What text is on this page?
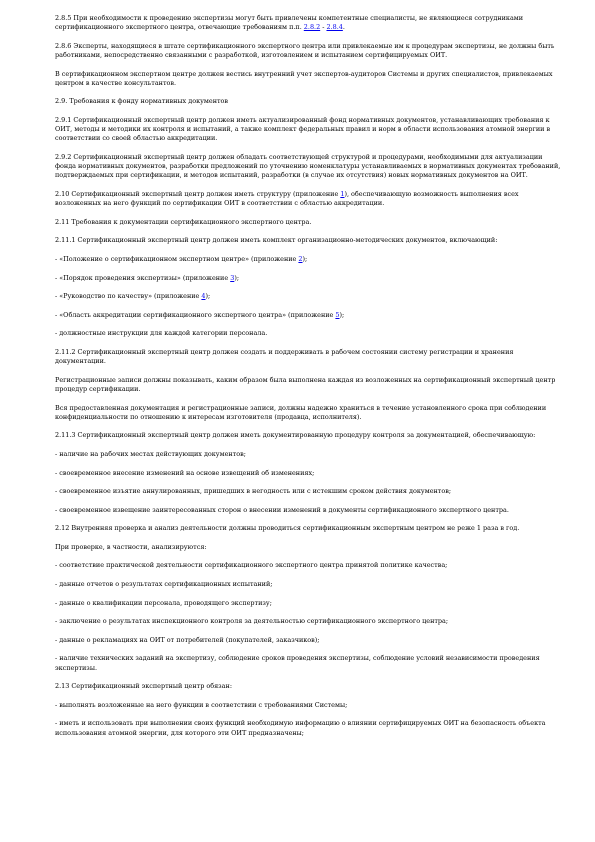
2.8.5 При необходимости к проведению экспертизы могут быть привлечены компетентные специалисты, не являющиеся сотрудниками сертификационного экспертного центра, отвечающие требованиям п.п. 2.8.2 - 2.8.4.

2.8.6 Эксперты, находящиеся в штате сертификационного экспертного центра или привлекаемые им к процедурам экспертизы, не должны быть работниками, непосредственно связанными с разработкой, изготовлением и испытанием сертифицируемых ОИТ.

В сертификационном экспертном центре должен вестись внутренний учет экспертов-аудиторов Системы и других специалистов, привлекаемых центром в качестве консультантов.

2.9. Требования к фонду нормативных документов

2.9.1 Сертификационный экспертный центр должен иметь актуализированный фонд нормативных документов, устанавливающих требования к ОИТ, методы и методики их контроля и испытаний, а также комплект федеральных правил и норм в области использования атомной энергии в соответствии со своей областью аккредитации.

2.9.2 Сертификационный экспертный центр должен обладать соответствующей структурой и процедурами, необходимыми для актуализации фонда нормативных документов, разработки предложений по уточнению номенклатуры устанавливаемых в нормативных документах требований, подтверждаемых при сертификации, и методов испытаний, разработки (в случае их отсутствия) новых нормативных документов на ОИТ.

2.10 Сертификационный экспертный центр должен иметь структуру (приложение 1), обеспечивающую возможность выполнения всех возложенных на него функций по сертификации ОИТ в соответствии с областью аккредитации.

2.11 Требования к документации сертификационного экспертного центра.

2.11.1 Сертификационный экспертный центр должен иметь комплект организационно-методических документов, включающий:

- «Положение о сертификационном экспертном центре» (приложение 2);

- «Порядок проведения экспертизы» (приложение 3);

- «Руководство по качеству» (приложение 4);

- «Область аккредитации сертификационного экспертного центра» (приложение 5);

- должностные инструкции для каждой категории персонала.

2.11.2 Сертификационный экспертный центр должен создать и поддерживать в рабочем состоянии систему регистрации и хранения документации.

Регистрационные записи должны показывать, каким образом была выполнена каждая из возложенных на сертификационный экспертный центр процедур сертификации.

Вся предоставленная документация и регистрационные записи, должны надежно храниться в течение установленного срока при соблюдении конфиденциальности по отношению к интересам изготовителя (продавца, исполнителя).

2.11.3 Сертификационный экспертный центр должен иметь документированную процедуру контроля за документацией, обеспечивающую:

- наличие на рабочих местах действующих документов;

- своевременное внесение изменений на основе извещений об изменениях;

- своевременное изъятие аннулированных, пришедших в негодность или с истекшим сроком действия документов;

- своевременное извещение заинтересованных сторон о внесении изменений в документы сертификационного экспертного центра.

2.12 Внутренняя проверка и анализ деятельности должны проводиться сертификационным экспертным центром не реже 1 раза в год.

При проверке, в частности, анализируются:

- соответствие практической деятельности сертификационного экспертного центра принятой политике качества;

- данные отчетов о результатах сертификационных испытаний;

- данные о квалификации персонала, проводящего экспертизу;

- заключение о результатах инспекционного контроля за деятельностью сертификационного экспертного центра;

- данные о рекламациях на ОИТ от потребителей (покупателей, заказчиков);

- наличие технических заданий на экспертизу, соблюдение сроков проведения экспертизы, соблюдение условий независимости проведения экспертизы.

2.13 Сертификационный экспертный центр обязан:

- выполнять возложенные на него функции в соответствии с требованиями Системы;

- иметь и использовать при выполнении своих функций необходимую информацию о влиянии сертифицируемых ОИТ на безопасность объекта использования атомной энергии, для которого эти ОИТ предназначены;
